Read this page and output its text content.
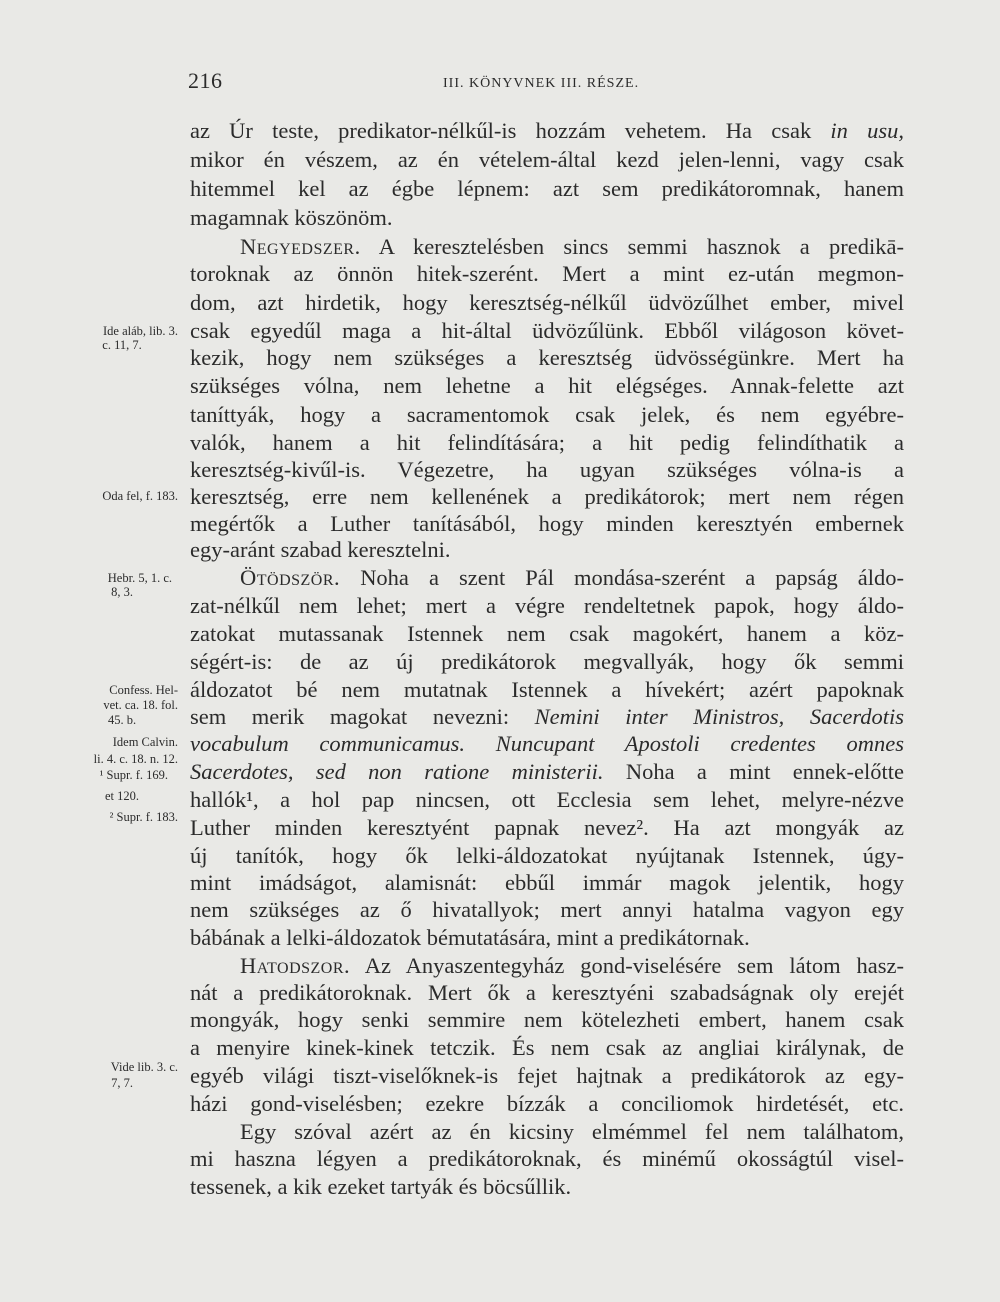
216	III. KÖNYVNEK III. RÉSZE.
az Úr teste, predikator-nélkűl-is hozzám vehetem. Ha csak in usu,
mikor én vészem, az én vételem-által kezd jelen-lenni, vagy csak
hitemmel kel az égbe lépnem: azt sem predikátoromnak, hanem
magamnak köszönöm.
Negyedszer. A keresztelésben sincs semmi hasznok a predikā-
toroknak az önnön hitek-szerént. Mert a mint ez-után megmon-
dom, azt hirdetik, hogy keresztség-nélkűl üdvözűlhet ember, mivel
csak egyedűl maga a hit-által üdvözűlünk. Ebből világoson követ-
kezik, hogy nem szükséges a keresztség üdvösségünkre. Mert ha
szükséges vólna, nem lehetne a hit elégséges. Annak-felette azt
taníttyák, hogy a sacramentomok csak jelek, és nem egyébre-
valók, hanem a hit felindítására; a hit pedig felindíthatik a
keresztség-kivűl-is. Végezetre, ha ugyan szükséges vólna-is a
keresztség, erre nem kellenének a predikátorok; mert nem régen
megértők a Luther tanításából, hogy minden keresztyén embernek
egy-aránt szabad keresztelni.
Ötödször. Noha a szent Pál mondása-szerént a papság áldo-
zat-nélkűl nem lehet; mert a végre rendeltetnek papok, hogy áldo-
zatokat mutassanak Istennek nem csak magokért, hanem a köz-
ségért-is: de az új predikátorok megvallyák, hogy ők semmi
áldozatot bé nem mutatnak Istennek a hívekért; azért papoknak
sem merik magokat nevezni: Nemini inter Ministros, Sacerdotis
vocabulum communicamus. Nuncupant Apostoli credentes omnes
Sacerdotes, sed non ratione ministerii. Noha a mint ennek-előtte
hallók¹, a hol pap nincsen, ott Ecclesia sem lehet, melyre-nézve
Luther minden keresztyént papnak nevez². Ha azt mongyák az
új tanítók, hogy ők lelki-áldozatokat nyújtanak Istennek, úgy-
mint imádságot, alamisnát: ebbűl immár magok jelentik, hogy
nem szükséges az ő hivatallyok; mert annyi hatalma vagyon egy
bábának a lelki-áldozatok bémutatására, mint a predikátornak.
Hatodszor. Az Anyaszentegyház gond-viselésére sem látom hasz-
nát a predikátoroknak. Mert ők a keresztyéni szabadságnak oly erejét
mongyák, hogy senki semmire nem kötelezheti embert, hanem csak
a menyire kinek-kinek tetczik. És nem csak az angliai királynak, de
egyéb világi tiszt-viselőknek-is fejet hajtnak a predikátorok az egy-
házi gond-viselésben; ezekre bízzák a conciliomok hirdetését, etc.
Egy szóval azért az én kicsiny elmémmel fel nem találhatom,
mi haszna légyen a predikátoroknak, és minémű okosságtúl visel-
tessenek, a kik ezeket tartyák és böcsűllik.
Ide aláb, lib. 3.
c. 11, 7.
Oda fel, f. 183.
Hebr. 5, 1. c.
8, 3.
Confess. Hel-
vet. ca. 18. fol.
45. b.
Idem Calvin.
li. 4. c. 18. n. 12.
¹ Supr. f. 169.
et 120.
² Supr. f. 183.
Vide lib. 3. c.
7, 7.
